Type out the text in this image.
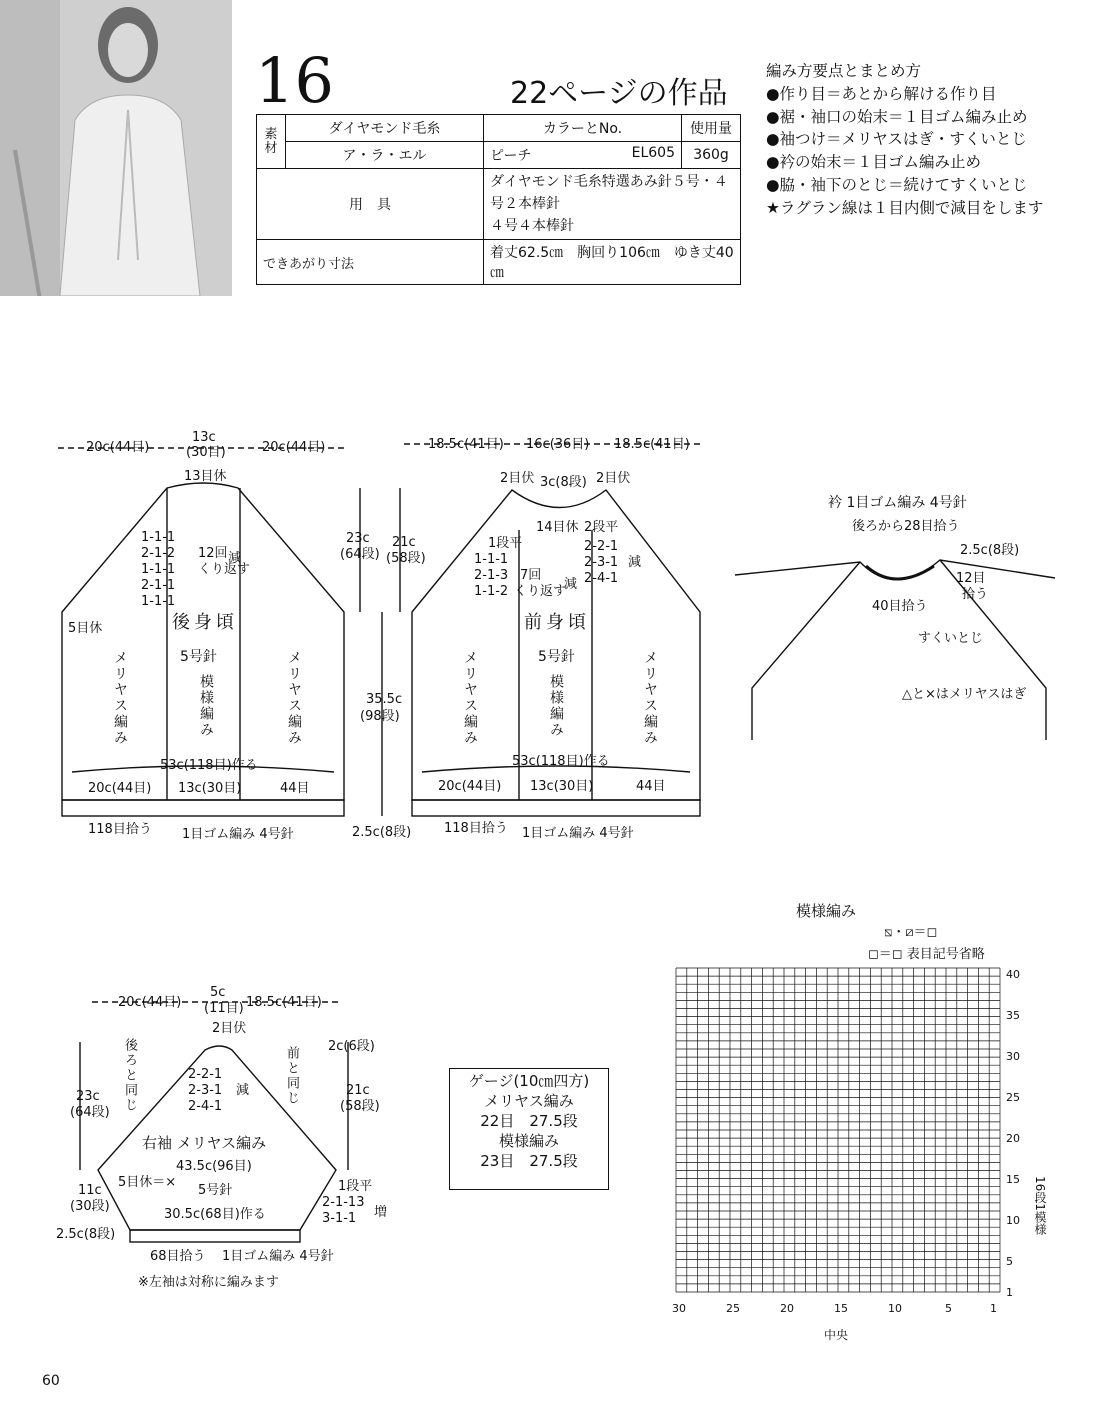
16	22ページの作品
素材	ダイヤモンド毛糸	カラーとNo.	使用量
	ア・ラ・エル	ピーチ EL605	360g
用　具		ダイヤモンド毛糸特選あみ針５号・４号２本棒針
４号４本棒針	

できあがり寸法		着丈62.5㎝　胸回り106㎝　ゆき丈40㎝	
編み方要点とまとめ方
●作り目＝あとから解ける作り目
●裾・袖口の始末＝１目ゴム編み止め
●袖つけ＝メリヤスはぎ・すくいとじ
●衿の始末＝１目ゴム編み止め
●脇・袖下のとじ＝続けてすくいとじ
★ラグラン線は１目内側で減目をします
20c(44目)
13c
(30目)	20c(44目)
13目休
1-1-1
2-1-2
1-1-1
2-1-1
1-1-1
12回
くり返す
減
5目休	後身頃
5号針
模様編み
メリヤス編み	メリヤス編み
53c(118目)作る
20c(44目) 13c(30目)	44目
118目拾う 1目ゴム編み 4号針
23c
(64段)
21c
(58段)
35.5c
(98段)
2.5c(8段)
18.5c(41目) 16c(36目) 18.5c(41目)
2目伏 3c(8段) 2目伏
14目休 2段平
1段平
1-1-1
2-1-3
1-1-2
7回
くり返す
減
2-2-1
2-3-1
2-4-1
減
前身頃
5号針
模様編み
メリヤス編み	メリヤス編み
53c(118目)作る
20c(44目) 13c(30目)	44目
118目拾う 1目ゴム編み 4号針
衿 1目ゴム編み 4号針
後ろから28目拾う
2.5c(8段)
12目
拾う
40目拾う
すくいとじ
△と×はメリヤスはぎ
20c(44目)
5c
(11目) 18.5c(41目)
2目伏
後ろと同じ	前と同じ
2-2-1
2-3-1
2-4-1
減
23c
(64段)
2c(6段)
21c
(58段)
11c
(30段)
2.5c(8段)
右袖 メリヤス編み
43.5c(96目)
5目休＝×
5号針	1段平
2-1-13
3-1-1 増
30.5c(68目)作る
68目拾う 1目ゴム編み 4号針
※左袖は対称に編みます
ゲージ(10㎝四方)
メリヤス編み
22目　27.5段
模様編み
23目　27.5段
模様編み
⧅・⧄＝◻
◻＝◻ 表目記号省略
40
35
30
25
20
15
10
5
1
30	25	20	15	10	5	1
中央
16段1模様
60
